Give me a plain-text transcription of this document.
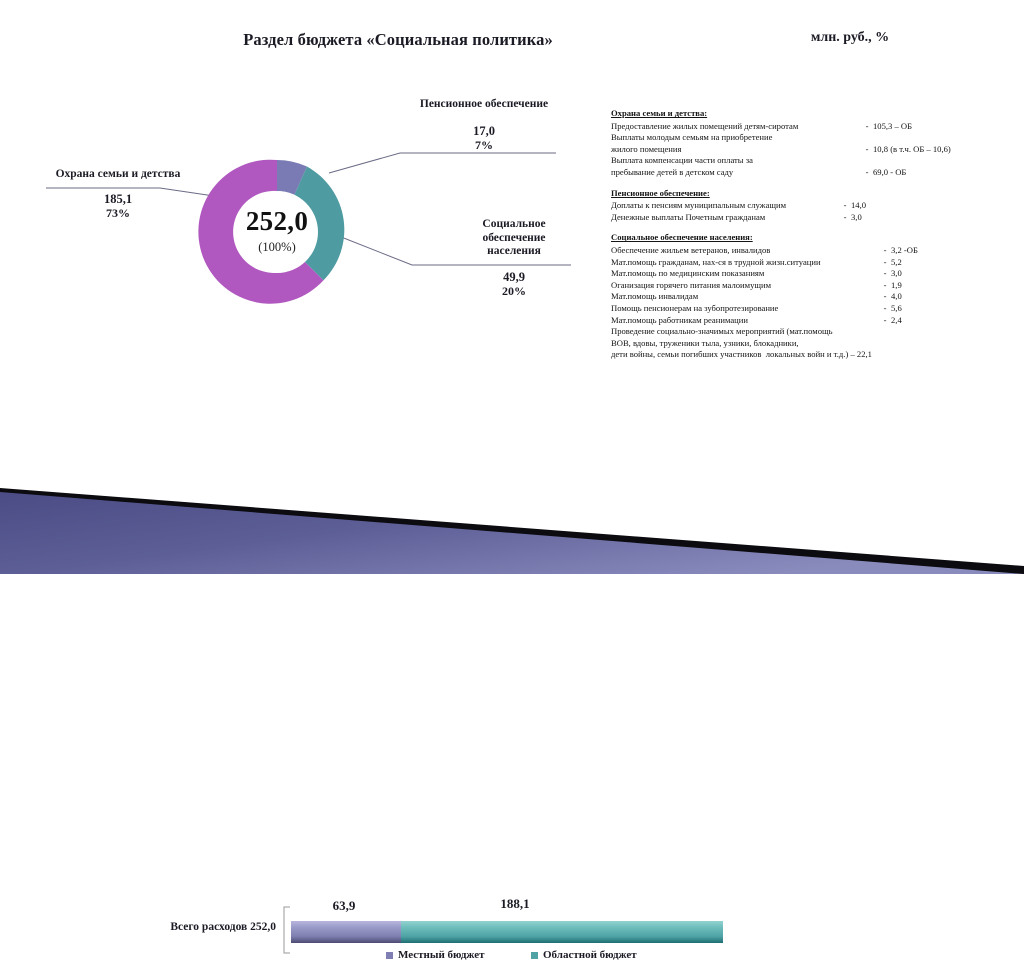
Раздел бюджета «Социальная политика»	млн. руб., %
252,0
(100%)
Пенсионное обеспечение
17,0
7%
Охрана семьи и детства
185,1
73%
Социальное обеспечение населения
49,9
20%
Охрана семьи и детства:
Предоставление жилых помещений детям-сиротам	- 105,3 – ОБ
Выплаты молодым семьям на приобретение
жилого помещения	- 10,8 (в т.ч. ОБ – 10,6)
Выплата компенсации части оплаты за
пребывание детей в детском саду	- 69,0 - ОБ
Пенсионное обеспечение:
Доплаты к пенсиям муниципальным служащим	- 14,0
Денежные выплаты Почетным гражданам	- 3,0
Социальное обеспечение населения:
Обеспечение жильем ветеранов, инвалидов	- 3,2 -ОБ
Мат.помощь гражданам, нах-ся в трудной жизн.ситуации	- 5,2
Мат.помощь по медицинским показаниям	- 3,0
Оганизация горячего питания малоимущим	- 1,9
Мат.помощь инвалидам	- 4,0
Помощь пенсионерам на зубопротезирование	- 5,6
Мат.помощь работникам реанимации	- 2,4
Проведение социально-значимых мероприятий (мат.помощь
ВОВ, вдовы, труженики тыла, узники, блокадники,
дети войны, семьи погибших участников  локальных войн и т.д.) – 22,1
Всего расходов 252,0
63,9	188,1
Местный бюджет	Областной бюджет
